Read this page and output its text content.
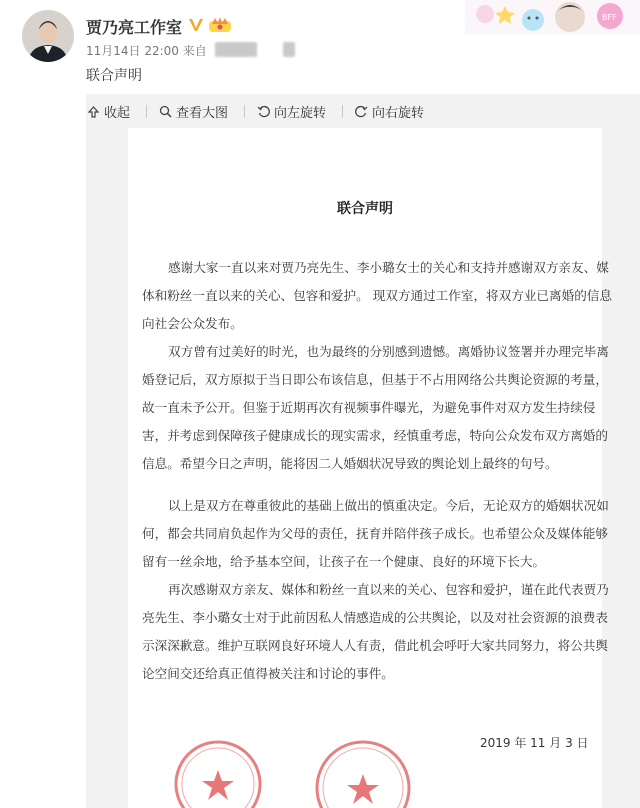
贾乃亮工作室
11月14日 22:00 来自
联合声明
BFF
收起	查看大图	向左旋转	向右旋转
联合声明
感谢大家一直以来对贾乃亮先生、李小璐女士的关心和支持并感谢双方亲友、媒
体和粉丝一直以来的关心、包容和爱护。 现双方通过工作室，将双方业已离婚的信息
向社会公众发布。
双方曾有过美好的时光，也为最终的分别感到遗憾。离婚协议签署并办理完毕离
婚登记后，双方原拟于当日即公布该信息，但基于不占用网络公共舆论资源的考量，
故一直未予公开。但鉴于近期再次有视频事件曝光，为避免事件对双方发生持续侵
害，并考虑到保障孩子健康成长的现实需求，经慎重考虑，特向公众发布双方离婚的
信息。希望今日之声明，能将因二人婚姻状况导致的舆论划上最终的句号。
以上是双方在尊重彼此的基础上做出的慎重决定。今后，无论双方的婚姻状况如
何，都会共同肩负起作为父母的责任，抚育并陪伴孩子成长。也希望公众及媒体能够
留有一丝余地，给予基本空间，让孩子在一个健康、良好的环境下长大。
再次感谢双方亲友、媒体和粉丝一直以来的关心、包容和爱护，谨在此代表贾乃
亮先生、李小璐女士对于此前因私人情感造成的公共舆论，以及对社会资源的浪费表
示深深歉意。维护互联网良好环境人人有责，借此机会呼吁大家共同努力，将公共舆
论空间交还给真正值得被关注和讨论的事件。
2019 年 11 月 3 日
